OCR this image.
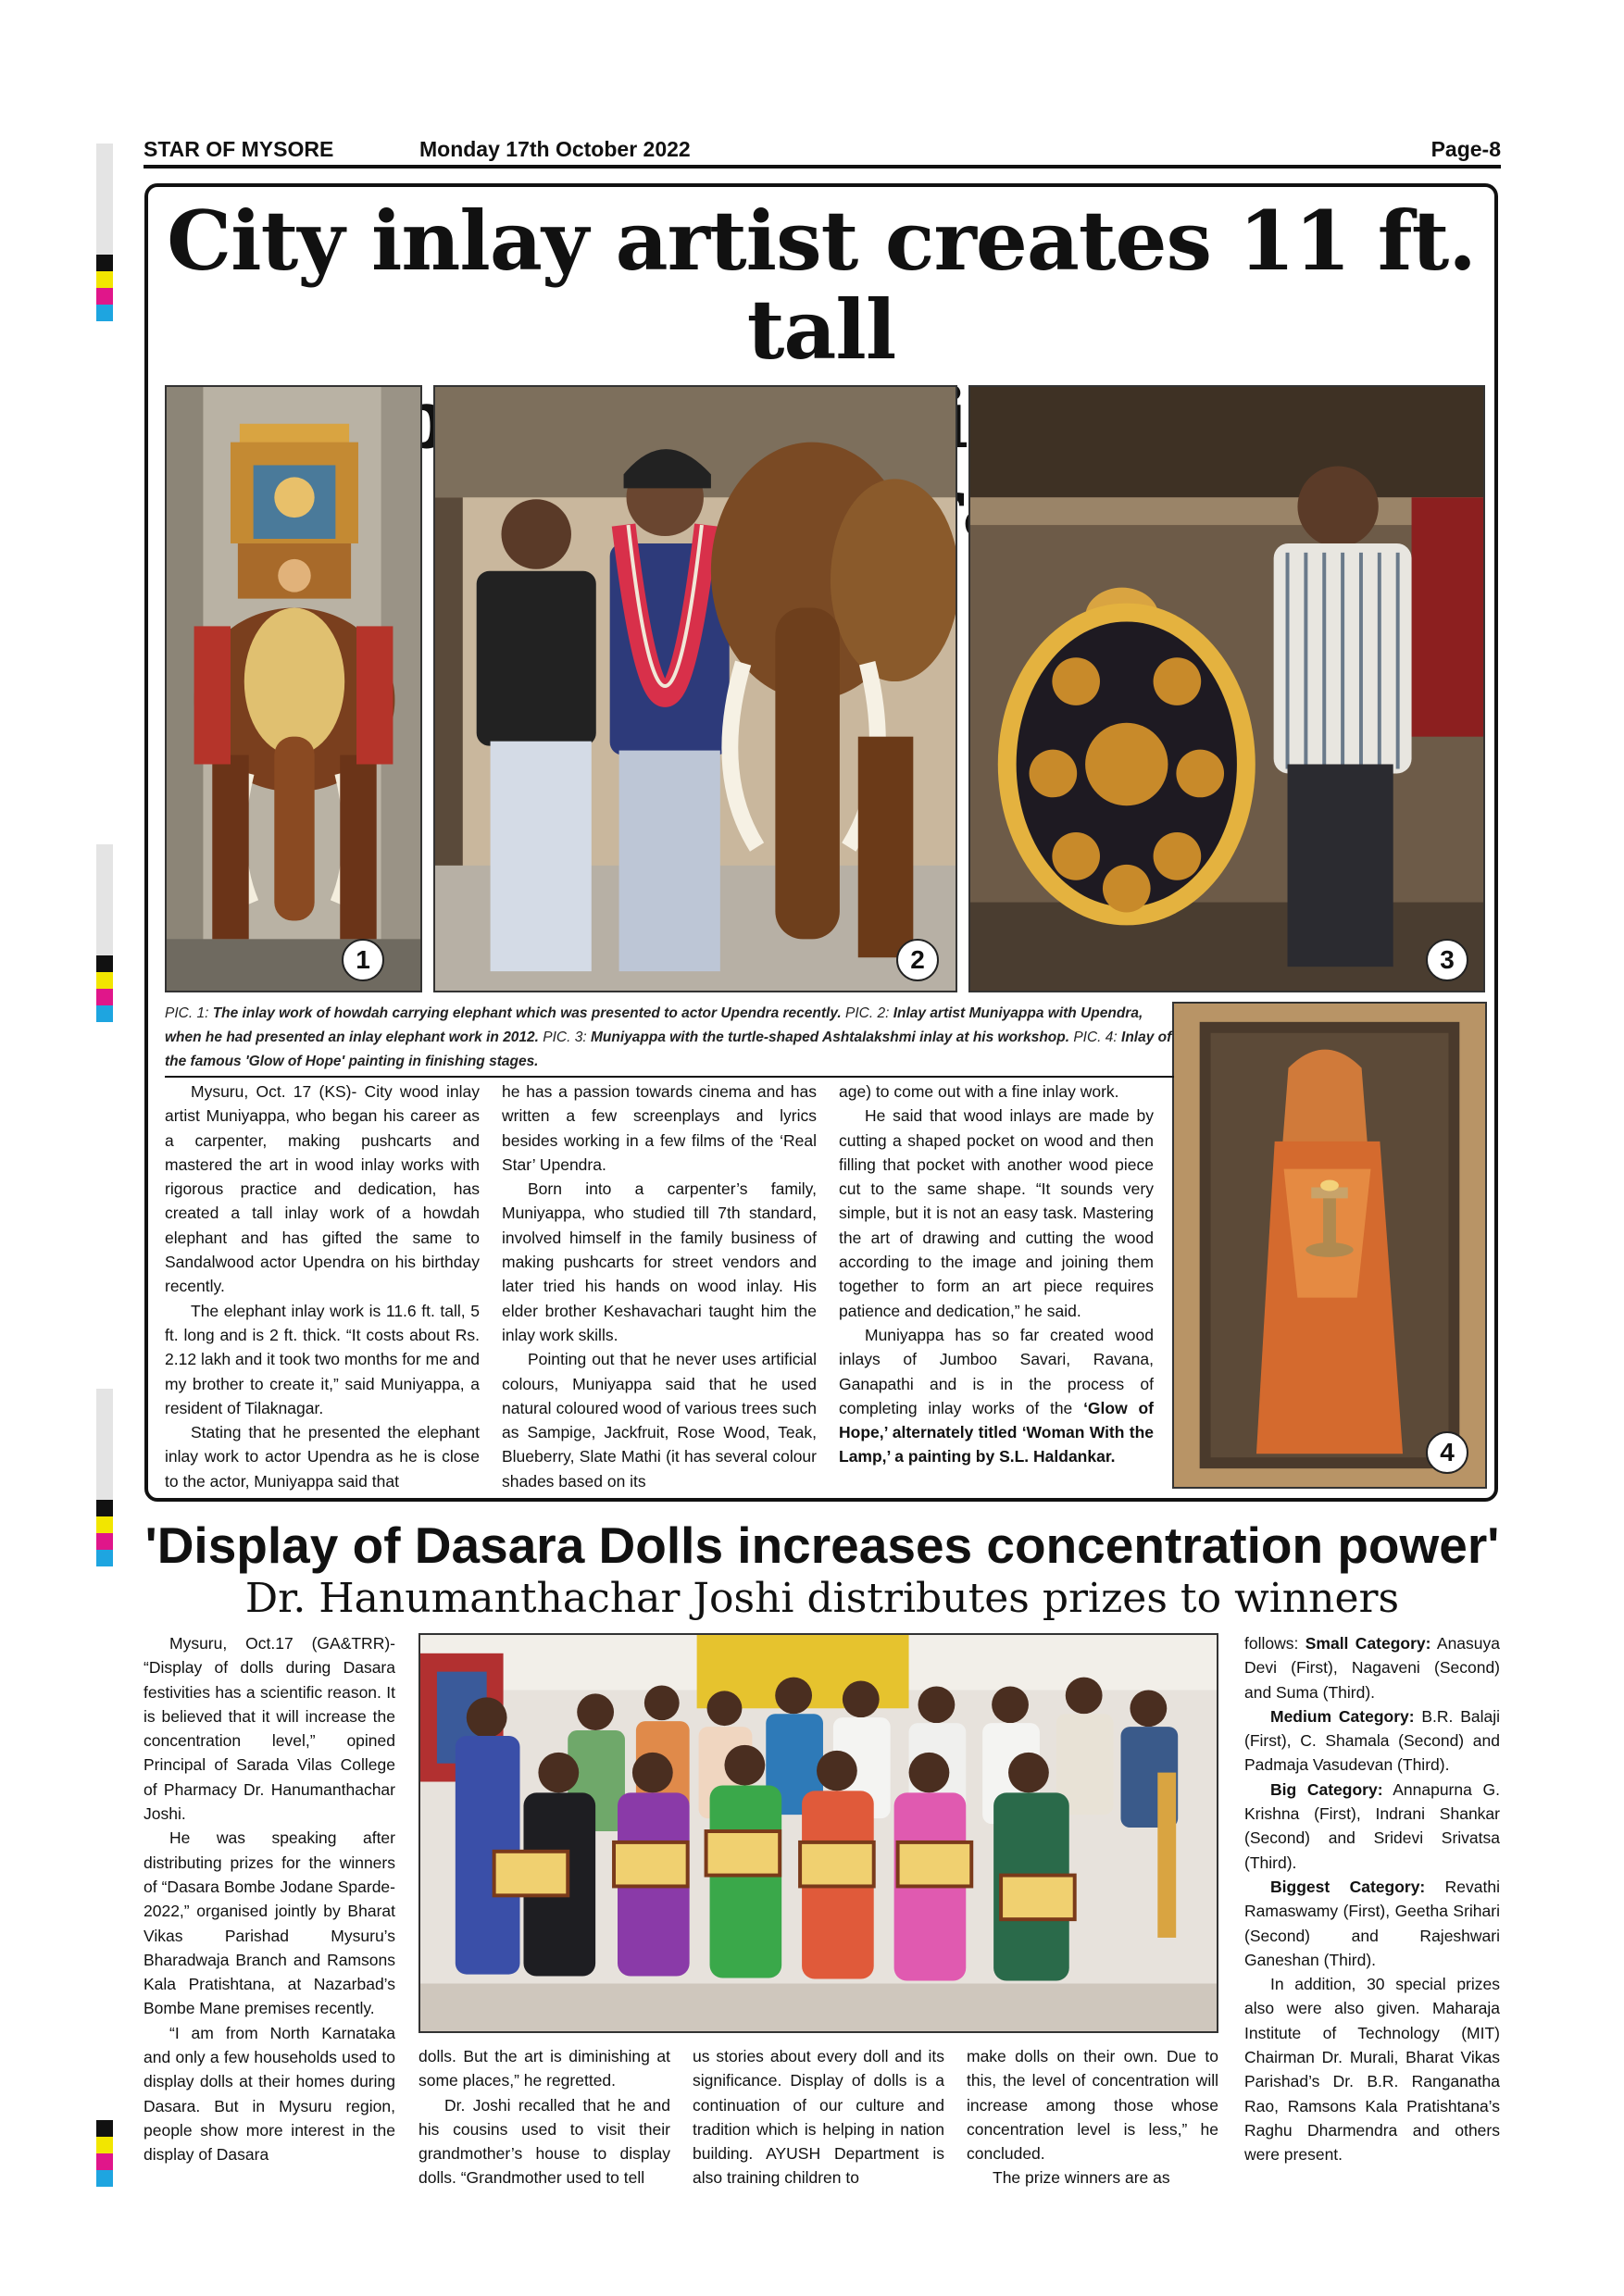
STAR OF MYSORE	Monday 17th October 2022	Page-8
City inlay artist creates 11 ft. tall
1	2	3
4
PIC. 1: The inlay work of howdah carrying elephant which was presented to actor Upendra recently. PIC. 2: Inlay artist Muniyappa with Upendra, when he had presented an inlay elephant work in 2012. PIC. 3: Muniyappa with the turtle-shaped Ashtalakshmi inlay at his workshop. PIC. 4: Inlay of the famous 'Glow of Hope' painting in finishing stages.

Mysuru, Oct. 17 (KS)- City wood inlay artist Muniyappa, who began his career as a carpenter, making pushcarts and mastered the art in wood inlay works with rigorous practice and dedication, has created a tall inlay work of a howdah elephant and has gifted the same to Sandalwood actor Upendra on his birthday recently.

The elephant inlay work is 11.6 ft. tall, 5 ft. long and is 2 ft. thick. “It costs about Rs. 2.12 lakh and it took two months for me and my brother to create it,” said Muniyappa, a resident of Tilaknagar.

Stating that he presented the elephant inlay work to actor Upendra as he is close to the actor, Muniyappa said that

he has a passion towards cinema and has written a few screenplays and lyrics besides working in a few films of the ‘Real Star’ Upendra.

Born into a carpenter’s family, Muniyappa, who studied till 7th standard, involved himself in the family business of making pushcarts for street vendors and later tried his hands on wood inlay. His elder brother Keshavachari taught him the inlay work skills.

Pointing out that he never uses artificial colours, Muniyappa said that he used natural coloured wood of various trees such as Sampige, Jackfruit, Rose Wood, Teak, Blueberry, Slate Mathi (it has several colour shades based on its

age) to come out with a fine inlay work.

He said that wood inlays are made by cutting a shaped pocket on wood and then filling that pocket with another wood piece cut to the same shape. “It sounds very simple, but it is not an easy task. Mastering the art of drawing and cutting the wood according to the image and joining them together to form an art piece requires patience and dedication,” he said.

Muniyappa has so far created wood inlays of Jumboo Savari, Ravana, Ganapathi and is in the process of completing inlay works of the ‘Glow of Hope,’ alternately titled ‘Woman With the Lamp,’ a painting by S.L. Haldankar.

'Display of Dasara Dolls increases concentration power'
Dr. Hanumanthachar Joshi distributes prizes to winners

Mysuru, Oct.17 (GA&TRR)- “Display of dolls during Dasara festivities has a scientific reason. It is believed that it will increase the concentration level,” opined Principal of Sarada Vilas College of Pharmacy Dr. Hanumanthachar Joshi.

He was speaking after distributing prizes for the winners of “Dasara Bombe Jodane Sparde- 2022,” organised jointly by Bharat Vikas Parishad Mysuru’s Bharadwaja Branch and Ramsons Kala Pratishtana, at Nazarbad’s Bombe Mane premises recently.

“I am from North Karnataka and only a few households used to display dolls at their homes during Dasara. But in Mysuru region, people show more interest in the display of Dasara

dolls. But the art is diminishing at some places,” he regretted.

Dr. Joshi recalled that he and his cousins used to visit their grandmother’s house to display dolls. “Grandmother used to tell

us stories about every doll and its significance. Display of dolls is a continuation of our culture and tradition which is helping in nation building. AYUSH Department is also training children to

make dolls on their own. Due to this, the level of concentration will increase among those whose concentration level is less,” he concluded.

The prize winners are as

follows: Small Category: Anasuya Devi (First), Nagaveni (Second) and Suma (Third).

Medium Category: B.R. Balaji (First), C. Shamala (Second) and Padmaja Vasudevan (Third).

Big Category: Annapurna G. Krishna (First), Indrani Shankar (Second) and Sridevi Srivatsa (Third).

Biggest Category: Revathi Ramaswamy (First), Geetha Srihari (Second) and Rajeshwari Ganeshan (Third).

In addition, 30 special prizes also were also given. Maharaja Institute of Technology (MIT) Chairman Dr. Murali, Bharat Vikas Parishad’s Dr. B.R. Ranganatha Rao, Ramsons Kala Pratishtana’s Raghu Dharmendra and others were present.
